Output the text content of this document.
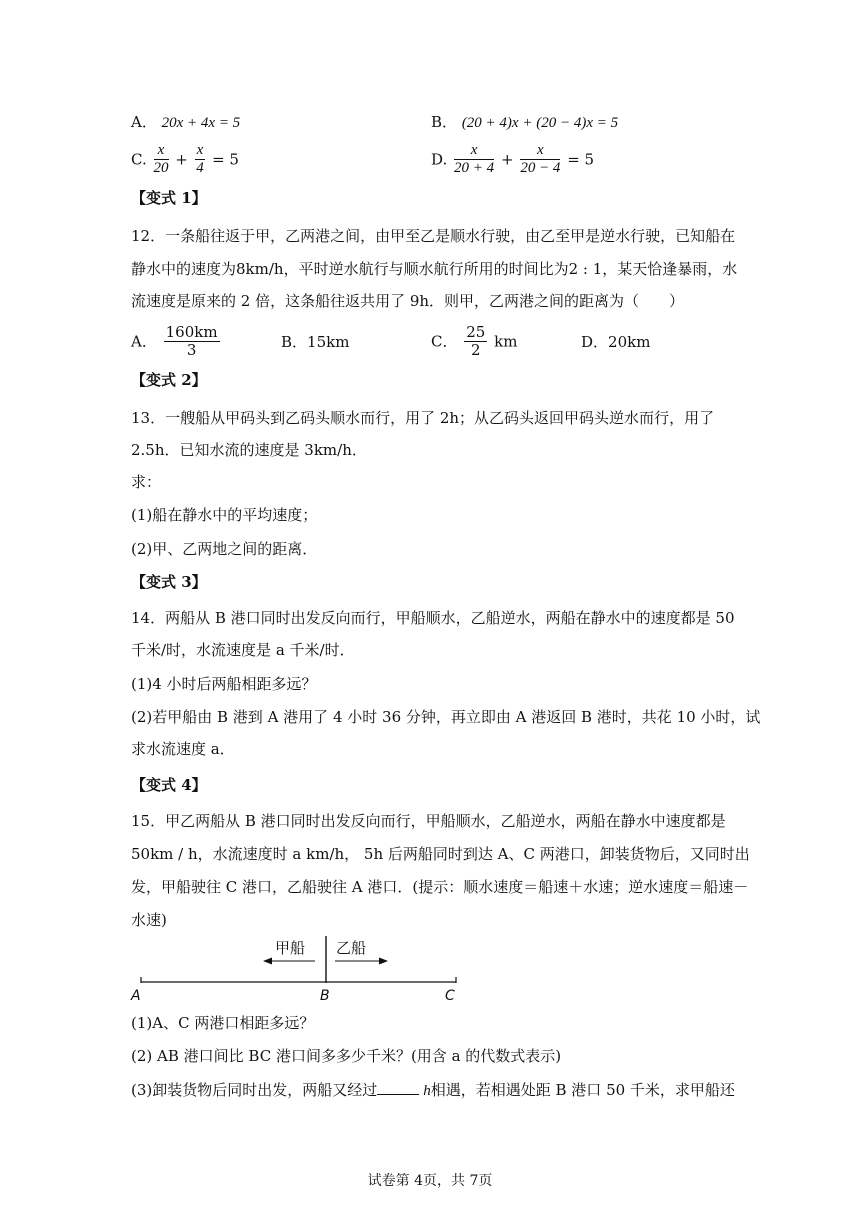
A． 20x + 4x = 5	B． (20 + 4)x + (20 − 4)x = 5
C. $\frac{x}{20} + \frac{x}{4} = 5$	D. $\frac{x}{20 + 4} + \frac{x}{20 - 4} = 5$
【变式 1】
12．一条船往返于甲，乙两港之间，由甲至乙是顺水行驶，由乙至甲是逆水行驶，已知船在
静水中的速度为8km/h，平时逆水航行与顺水航行所用的时间比为2 : 1，某天恰逢暴雨，水
流速度是原来的 2 倍，这条船往返共用了 9h．则甲，乙两港之间的距离为（　　）
A． $\frac{160km}{3}$	B．15km	C． $\frac{25}{2}$ km	D．20km
【变式 2】
13．一艘船从甲码头到乙码头顺水而行，用了 2h；从乙码头返回甲码头逆水而行，用了
2.5h．已知水流的速度是 3km/h．
求：
(1)船在静水中的平均速度；
(2)甲、乙两地之间的距离．
【变式 3】
14．两船从 B 港口同时出发反向而行，甲船顺水，乙船逆水，两船在静水中的速度都是 50
千米/时，水流速度是 a 千米/时．
(1)4 小时后两船相距多远？
(2)若甲船由 B 港到 A 港用了 4 小时 36 分钟，再立即由 A 港返回 B 港时，共花 10 小时，试
求水流速度 a．
【变式 4】
15．甲乙两船从 B 港口同时出发反向而行，甲船顺水，乙船逆水，两船在静水中速度都是
50km / h，水流速度时 a km/h， 5h 后两船同时到达 A、C 两港口，卸装货物后，又同时出
发，甲船驶往 C 港口，乙船驶往 A 港口．(提示：顺水速度＝船速＋水速；逆水速度＝船速－
水速)
甲船 乙船
A	B	C
(1)A、C 两港口相距多远？
(2) AB 港口间比 BC 港口间多多少千米？(用含 a 的代数式表示)
(3)卸装货物后同时出发，两船又经过	h相遇，若相遇处距 B 港口 50 千米，求甲船还
试卷第 4页，共 7页
